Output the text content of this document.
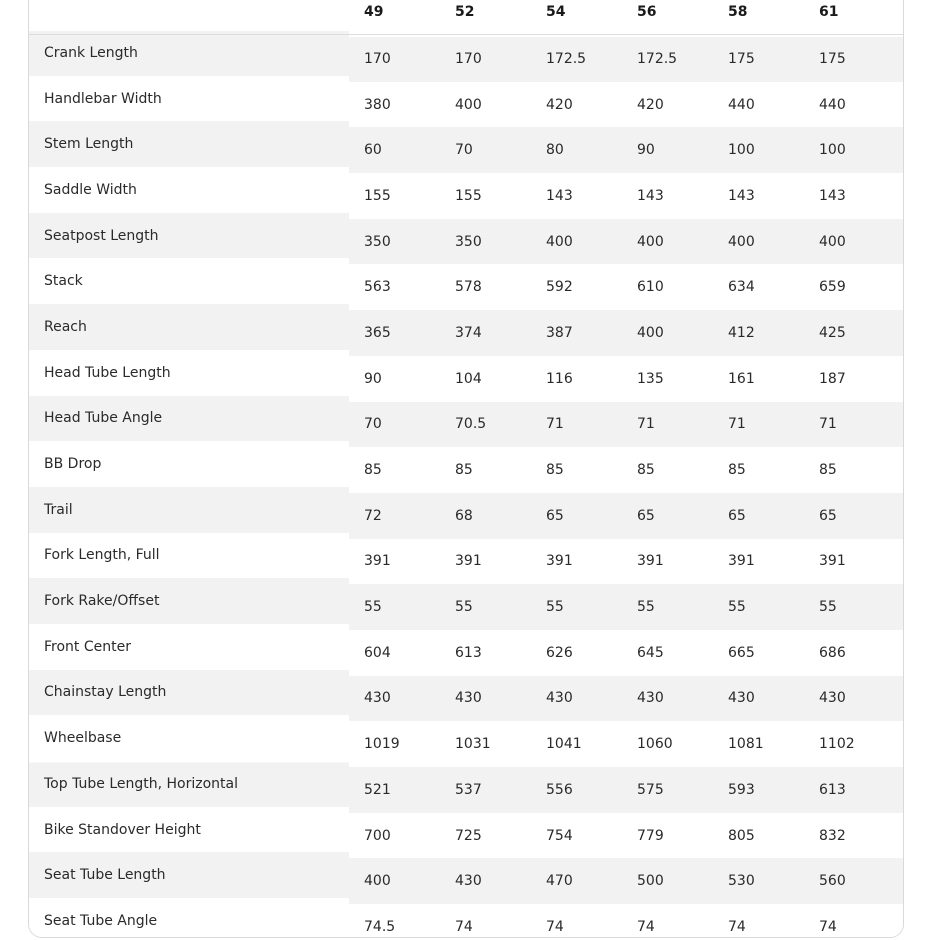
	49	52	54	56	58	61
Crank Length	170	170	172.5	172.5	175	175
Handlebar Width	380	400	420	420	440	440
Stem Length	60	70	80	90	100	100
Saddle Width	155	155	143	143	143	143
Seatpost Length	350	350	400	400	400	400
Stack	563	578	592	610	634	659
Reach	365	374	387	400	412	425
Head Tube Length	90	104	116	135	161	187
Head Tube Angle	70	70.5	71	71	71	71
BB Drop	85	85	85	85	85	85
Trail	72	68	65	65	65	65
Fork Length, Full	391	391	391	391	391	391
Fork Rake/Offset	55	55	55	55	55	55
Front Center	604	613	626	645	665	686
Chainstay Length	430	430	430	430	430	430
Wheelbase	1019	1031	1041	1060	1081	1102
Top Tube Length, Horizontal	521	537	556	575	593	613
Bike Standover Height	700	725	754	779	805	832
Seat Tube Length	400	430	470	500	530	560
Seat Tube Angle	74.5	74	74	74	74	74
